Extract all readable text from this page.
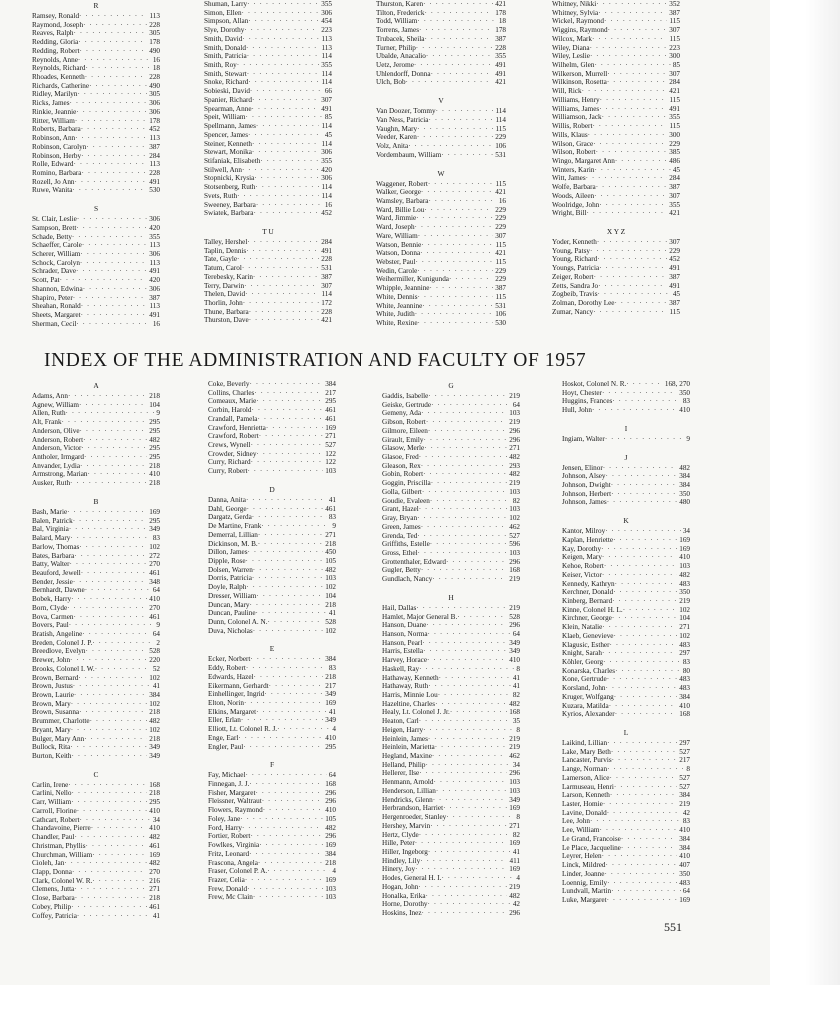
R
Ramsey, Ronald · · ·	113
Raymond, Joseph · · ·	228
Reaves, Ralph · · ·	305
Redding, Gloria · · ·	178
Redding, Robert · · ·	490
Reynolds, Anne · · ·	16
Reynolds, Richard · · ·	18
Rhoades, Kenneth · · ·	228
Richards, Catherine · · ·	490
Ridley, Marilyn · · ·	305
Ricks, James · · ·	306
Rinkie, Jeannie · · ·	306
Ritter, William · · ·	178
Roberts, Barbara · · ·	452
Robinson, Ann · · ·	113
Robinson, Carolyn · · ·	387
Robinson, Herby · · ·	284
Rolle, Edward · · ·	113
Romino, Barbara · · ·	228
Rozell, Jo Ann · · ·	491
Ruwe, Wanita · · ·	530
S
St. Clair, Leslie · · ·	306
Sampson, Brett · · ·	420
Schade, Betty · · ·	355
Schaeffer, Carole · · ·	113
Scherer, William · · ·	306
Schock, Carolyn · · ·	113
Schrader, Dave · · ·	491
Scott, Pat · · ·	420
Shannon, Edwina · · ·	306
Shapiro, Peter · · ·	387
Sheahan, Ronald · · ·	113
Sheets, Margaret · · ·	491
Sherman, Cecil · · ·	16
Shuman, Larry · · ·	355
Simon, Ellen · · ·	306
Simpson, Allan · · ·	454
Slye, Dorothy · · ·	223
Smith, David · · ·	113
Smith, Donald · · ·	113
Smith, Patricia · · ·	114
Smith, Roy · · ·	355
Smith, Stewart · · ·	114
Snoke, Richard · · ·	114
Sobieski, David · · ·	66
Spanier, Richard · · ·	307
Spearman, Anne · · ·	491
Speit, William · · ·	85
Spellmann, James · · ·	114
Spencer, James · · ·	45
Steiner, Kenneth · · ·	114
Stewart, Monika · · ·	306
Stifaniak, Elisabeth · · ·	355
Stilwell, Ann · · ·	420
Stopnicki, Krysia · · ·	306
Stotsenberg, Ruth · · ·	114
Svets, Ruth · · ·	114
Sweeney, Barbara · · ·	16
Swiatek, Barbara · · ·	452
T U
Talley, Hershel · · ·	284
Taplin, Dennis · · ·	491
Tate, Gayle · · ·	228
Tatum, Carol · · ·	531
Terebesky, Karin · · ·	387
Terry, Darwin · · ·	307
Thelen, David · · ·	114
Thorlin, John · · ·	172
Thune, Barbara · · ·	228
Thurston, Dave · · ·	421
Thurston, Karen · · ·	421
Tilton, Frederick · · ·	178
Todd, William · · ·	18
Torrens, James · · ·	178
Trubacek, Sheila · · ·	387
Turner, Philip · · ·	228
Ubalde, Anacalio · · ·	355
Uetz, Jerome · · ·	491
Uhlendorff, Donna · · ·	491
Ulch, Bob · · ·	421
V
Van Doozer, Tommy · · ·	114
Van Ness, Patricia · · ·	114
Vaughn, Mary · · ·	115
Veeder, Karen · · ·	229
Volz, Anita · · ·	106
Vordembaum, William · · ·	531
W
Waggener, Robert · · ·	115
Walker, George · · ·	421
Wamsley, Barbara · · ·	16
Ward, Billie Lou · · ·	229
Ward, Jimmie · · ·	229
Ward, Joseph · · ·	229
Ware, William · · ·	307
Watson, Bennie · · ·	115
Watson, Donna · · ·	421
Webster, Paul · · ·	115
Wedin, Carole · · ·	229
Weihermiller, Kunigunda · · ·	229
Whipple, Jeannine · · ·	387
White, Dennis · · ·	115
White, Jeannine · · ·	531
White, Judith · · ·	106
White, Rexine · · ·	530
Whitney, Nikki · · ·	352
Whitney, Sylvia · · ·	387
Wickel, Raymond · · ·	115
Wiggins, Raymond · · ·	307
Wilcox, Mark · · ·	115
Wiley, Diana · · ·	223
Wiley, Leslie · · ·	300
Wilhelm, Glen · · ·	85
Wilkerson, Murrell · · ·	307
Wilkinson, Rosetta · · ·	284
Will, Rick · · ·	421
Williams, Henry · · ·	115
Williams, James · · ·	491
Williamson, Jack · · ·	355
Willis, Robert · · ·	115
Wills, Klaus · · ·	300
Wilson, Grace · · ·	229
Wilson, Robert · · ·	385
Wingo, Margaret Ann · · ·	486
Winters, Karin · · ·	45
Witt, James · · ·	284
Wolfe, Barbara · · ·	387
Woods, Aileen · · ·	307
Woolridge, John · · ·	355
Wright, Bill · · ·	421
X Y Z
Yoder, Kenneth · · ·	307
Young, Patsy · · ·	229
Young, Richard · · ·	452
Youngs, Patricia · · ·	491
Zeiger, Robert · · ·	387
Zetts, Sandra Jo · · ·	491
Zogbeib, Travis · · ·	45
Zolman, Dorothy Lee · · ·	387
Zumar, Nancy · · ·	115
INDEX OF THE ADMINISTRATION AND FACULTY OF 1957
A
Adams, Ann · · ·	218
Agnew, William · · ·	104
Allen, Ruth · · ·	9
Alt, Frank · · ·	295
Anderson, Olive · · ·	295
Anderson, Robert · · ·	482
Anderson, Victor · · ·	295
Antholer, Irmgard · · ·	295
Anvander, Lydia · · ·	218
Armstrong, Marian · · ·	410
Ausker, Ruth · · ·	218
B
Bash, Marie · · ·	169
Balen, Patrick · · ·	295
Bal, Virginia · · ·	349
Balard, Mary · · ·	83
Barlow, Thomas · · ·	102
Bates, Barbara · · ·	272
Batty, Walter · · ·	270
Beauford, Jewell · · ·	461
Bender, Jessie · · ·	348
Bernhardt, Dawne · · ·	64
Bobek, Harry · · ·	410
Born, Clyde · · ·	270
Bova, Carmen · · ·	461
Bovers, Paul · · ·	9
Bratish, Angeline · · ·	64
Breden, Colonel J. P. · · ·	2
Breedlove, Evelyn · · ·	528
Brewer, John · · ·	220
Brooks, Colonel I. W. · · ·	52
Brown, Bernard · · ·	102
Brown, Justus · · ·	41
Brown, Laurie · · ·	384
Brown, Mary · · ·	102
Brown, Susanna · · ·	218
Brummer, Charlotte · · ·	482
Bryant, Mary · · ·	102
Bulger, Mary Ann · · ·	218
Bullock, Rita · · ·	349
Burton, Keith · · ·	349
C
Carlin, Irene · · ·	168
Carlini, Nello · · ·	218
Carr, William · · ·	295
Carroll, Florine · · ·	410
Cathcart, Robert · · ·	34
Chandavoine, Pierre · · ·	410
Chandler, Paul · · ·	482
Christman, Phyllis · · ·	461
Churchman, William · · ·	169
Cioleh, Jan · · ·	482
Clapp, Donna · · ·	270
Clark, Colonel W. R. · · ·	216
Clemens, Jutta · · ·	271
Close, Barbara · · ·	218
Cobey, Philip · · ·	461
Coffey, Patricia · · ·	41
Coke, Beverly · · ·	384
Collins, Charles · · ·	217
Comeaux, Marie · · ·	295
Corbin, Harold · · ·	461
Crandall, Pamela · · ·	461
Crawford, Henrietta · · ·	169
Crawford, Robert · · ·	271
Crews, Wynell · · ·	527
Crowder, Sidney · · ·	122
Curry, Richard · · ·	122
Curry, Robert · · ·	103
D
Danna, Anita · · ·	41
Dahl, George · · ·	461
Dargatz, Gerda · · ·	83
De Martine, Frank · · ·	9
Demerral, Lillian · · ·	271
Dickinson, M. B. · · ·	218
Dillon, James · · ·	450
Dipple, Rose · · ·	105
Dolsen, Warren · · ·	482
Dorris, Patricia · · ·	103
Doyle, Ralph · · ·	102
Dresser, William · · ·	104
Duncan, Mary · · ·	218
Duncan, Pauline · · ·	41
Dunn, Colonel A. N. · · ·	528
Duva, Nicholas · · ·	102
E
Ecker, Norbert · · ·	384
Eddy, Robert · · ·	83
Edwards, Hazel · · ·	218
Eikermann, Gerhardt · · ·	217
Einhellinger, Ingrid · · ·	349
Elton, Norin · · ·	169
Elkins, Margaret · · ·	41
Eller, Erlan · · ·	349
Elliott, Lt. Colonel R. J. · · ·	4
Enge, Earl · · ·	410
Engler, Paul · · ·	295
F
Fay, Michael · · ·	64
Finnegan, J. J. · · ·	168
Fisher, Margaret · · ·	296
Fleissner, Waltraut · · ·	296
Flowers, Raymond · · ·	410
Foley, Jane · · ·	105
Ford, Harry · · ·	482
Fortier, Robert · · ·	296
Fowlkes, Virginia · · ·	169
Fritz, Leonard · · ·	384
Frascona, Angela · · ·	218
Fraser, Colonel P. A. · · ·	4
Frazer, Celia · · ·	169
Frew, Donald · · ·	103
Frew, Mc Clain · · ·	103
G
Gaddis, Isabelle · · ·	219
Geiske, Gertrude · · ·	64
Gemeny, Ada · · ·	103
Gibson, Robert · · ·	219
Gilmore, Eileen · · ·	296
Girault, Emily · · ·	296
Glasow, Merle · · ·	271
Glasoe, Fred · · ·	482
Gleason, Rex · · ·	293
Gobin, Robert · · ·	482
Goggin, Priscilla · · ·	219
Golla, Gilbert · · ·	103
Goudie, Evaleen · · ·	82
Grant, Hazel · · ·	103
Gray, Bryan · · ·	102
Green, James · · ·	462
Grenda, Ted · · ·	527
Griffiths, Estelle · · ·	596
Gross, Ethel · · ·	103
Grottenthaler, Edward · · ·	296
Gugler, Betty · · ·	168
Gundlach, Nancy · · ·	219
H
Hail, Dallas · · ·	219
Hamlet, Major General B. · · ·	528
Hanson, Duane · · ·	296
Hanson, Norma · · ·	64
Hanson, Pearl · · ·	349
Harris, Estella · · ·	349
Harvey, Horace · · ·	410
Haskell, Ray · · ·	8
Hathaway, Kenneth · · ·	41
Hathaway, Ruth · · ·	41
Harris, Minnie Lou · · ·	82
Hazeltine, Charles · · ·	482
Healy, Lt. Colonel J. Jr. · · ·	168
Heaton, Carl · · ·	35
Heigen, Harry · · ·	8
Heinlein, James · · ·	219
Heinlein, Marietta · · ·	219
Hegland, Maxine · · ·	462
Helland, Philip · · ·	34
Hellerer, Ilse · · ·	296
Henmann, Arnold · · ·	103
Henderson, Lillian · · ·	103
Hendricks, Glenn · · ·	349
Herbrandson, Harriet · · ·	169
Hergenroeder, Stanley · · ·	8
Hershey, Marvin · · ·	271
Hertz, Clyde · · ·	82
Hille, Peter · · ·	169
Hiller, Ingeborg · · ·	41
Hindley, Lily · · ·	411
Hinery, Joy · · ·	169
Hodes, General H. I. · · ·	4
Hogan, John · · ·	219
Honalka, Erika · · ·	482
Horne, Dorothy · · ·	42
Hoskins, Inez · · ·	296
Hoskot, Colonel N. R. · · ·	168, 270
Hoyt, Chester · · ·	350
Huggins, Frances · · ·	83
Hull, John · · ·	410
I
Ingiam, Walter · · ·	9
J
Jensen, Elinor · · ·	482
Johnson, Alsey · · ·	384
Johnson, Dwight · · ·	384
Johnson, Herbert · · ·	350
Johnson, James · · ·	480
K
Kantor, Milroy · · ·	34
Kaplan, Henriette · · ·	169
Kay, Dorothy · · ·	169
Keigen, Mary · · ·	410
Kehoe, Robert · · ·	103
Keiser, Victor · · ·	482
Kennedy, Kathryn · · ·	483
Kerchner, Donald · · ·	350
Kinberg, Bernard · · ·	219
Kinne, Colonel H. L. · · ·	102
Kirchner, George · · ·	104
Klein, Natalie · · ·	271
Klaeb, Genevieve · · ·	102
Klagusic, Esther · · ·	483
Knight, Sarah · · ·	297
Köhler, Georg · · ·	83
Konarska, Charles · · ·	80
Kone, Gertrude · · ·	483
Korsland, John · · ·	483
Kruger, Wolfgang · · ·	384
Kuzara, Matilda · · ·	410
Kyrios, Alexander · · ·	168
L
Laikind, Lillian · · ·	297
Lake, Mary Beth · · ·	527
Lancaster, Purvis · · ·	217
Lange, Norman · · ·	8
Lamerson, Alice · · ·	527
Larmuseau, Henri · · ·	527
Larson, Kenneth · · ·	384
Laster, Homie · · ·	219
Lavine, Donald · · ·	42
Lee, John · · ·	83
Lee, William · · ·	410
Le Grand, Francoise · · ·	384
Le Place, Jacqueline · · ·	384
Leyrer, Helen · · ·	410
Linck, Mildred · · ·	407
Linder, Joanne · · ·	350
Loennig, Emily · · ·	483
Lundvall, Martin · · ·	64
Luke, Margaret · · ·	169
551
